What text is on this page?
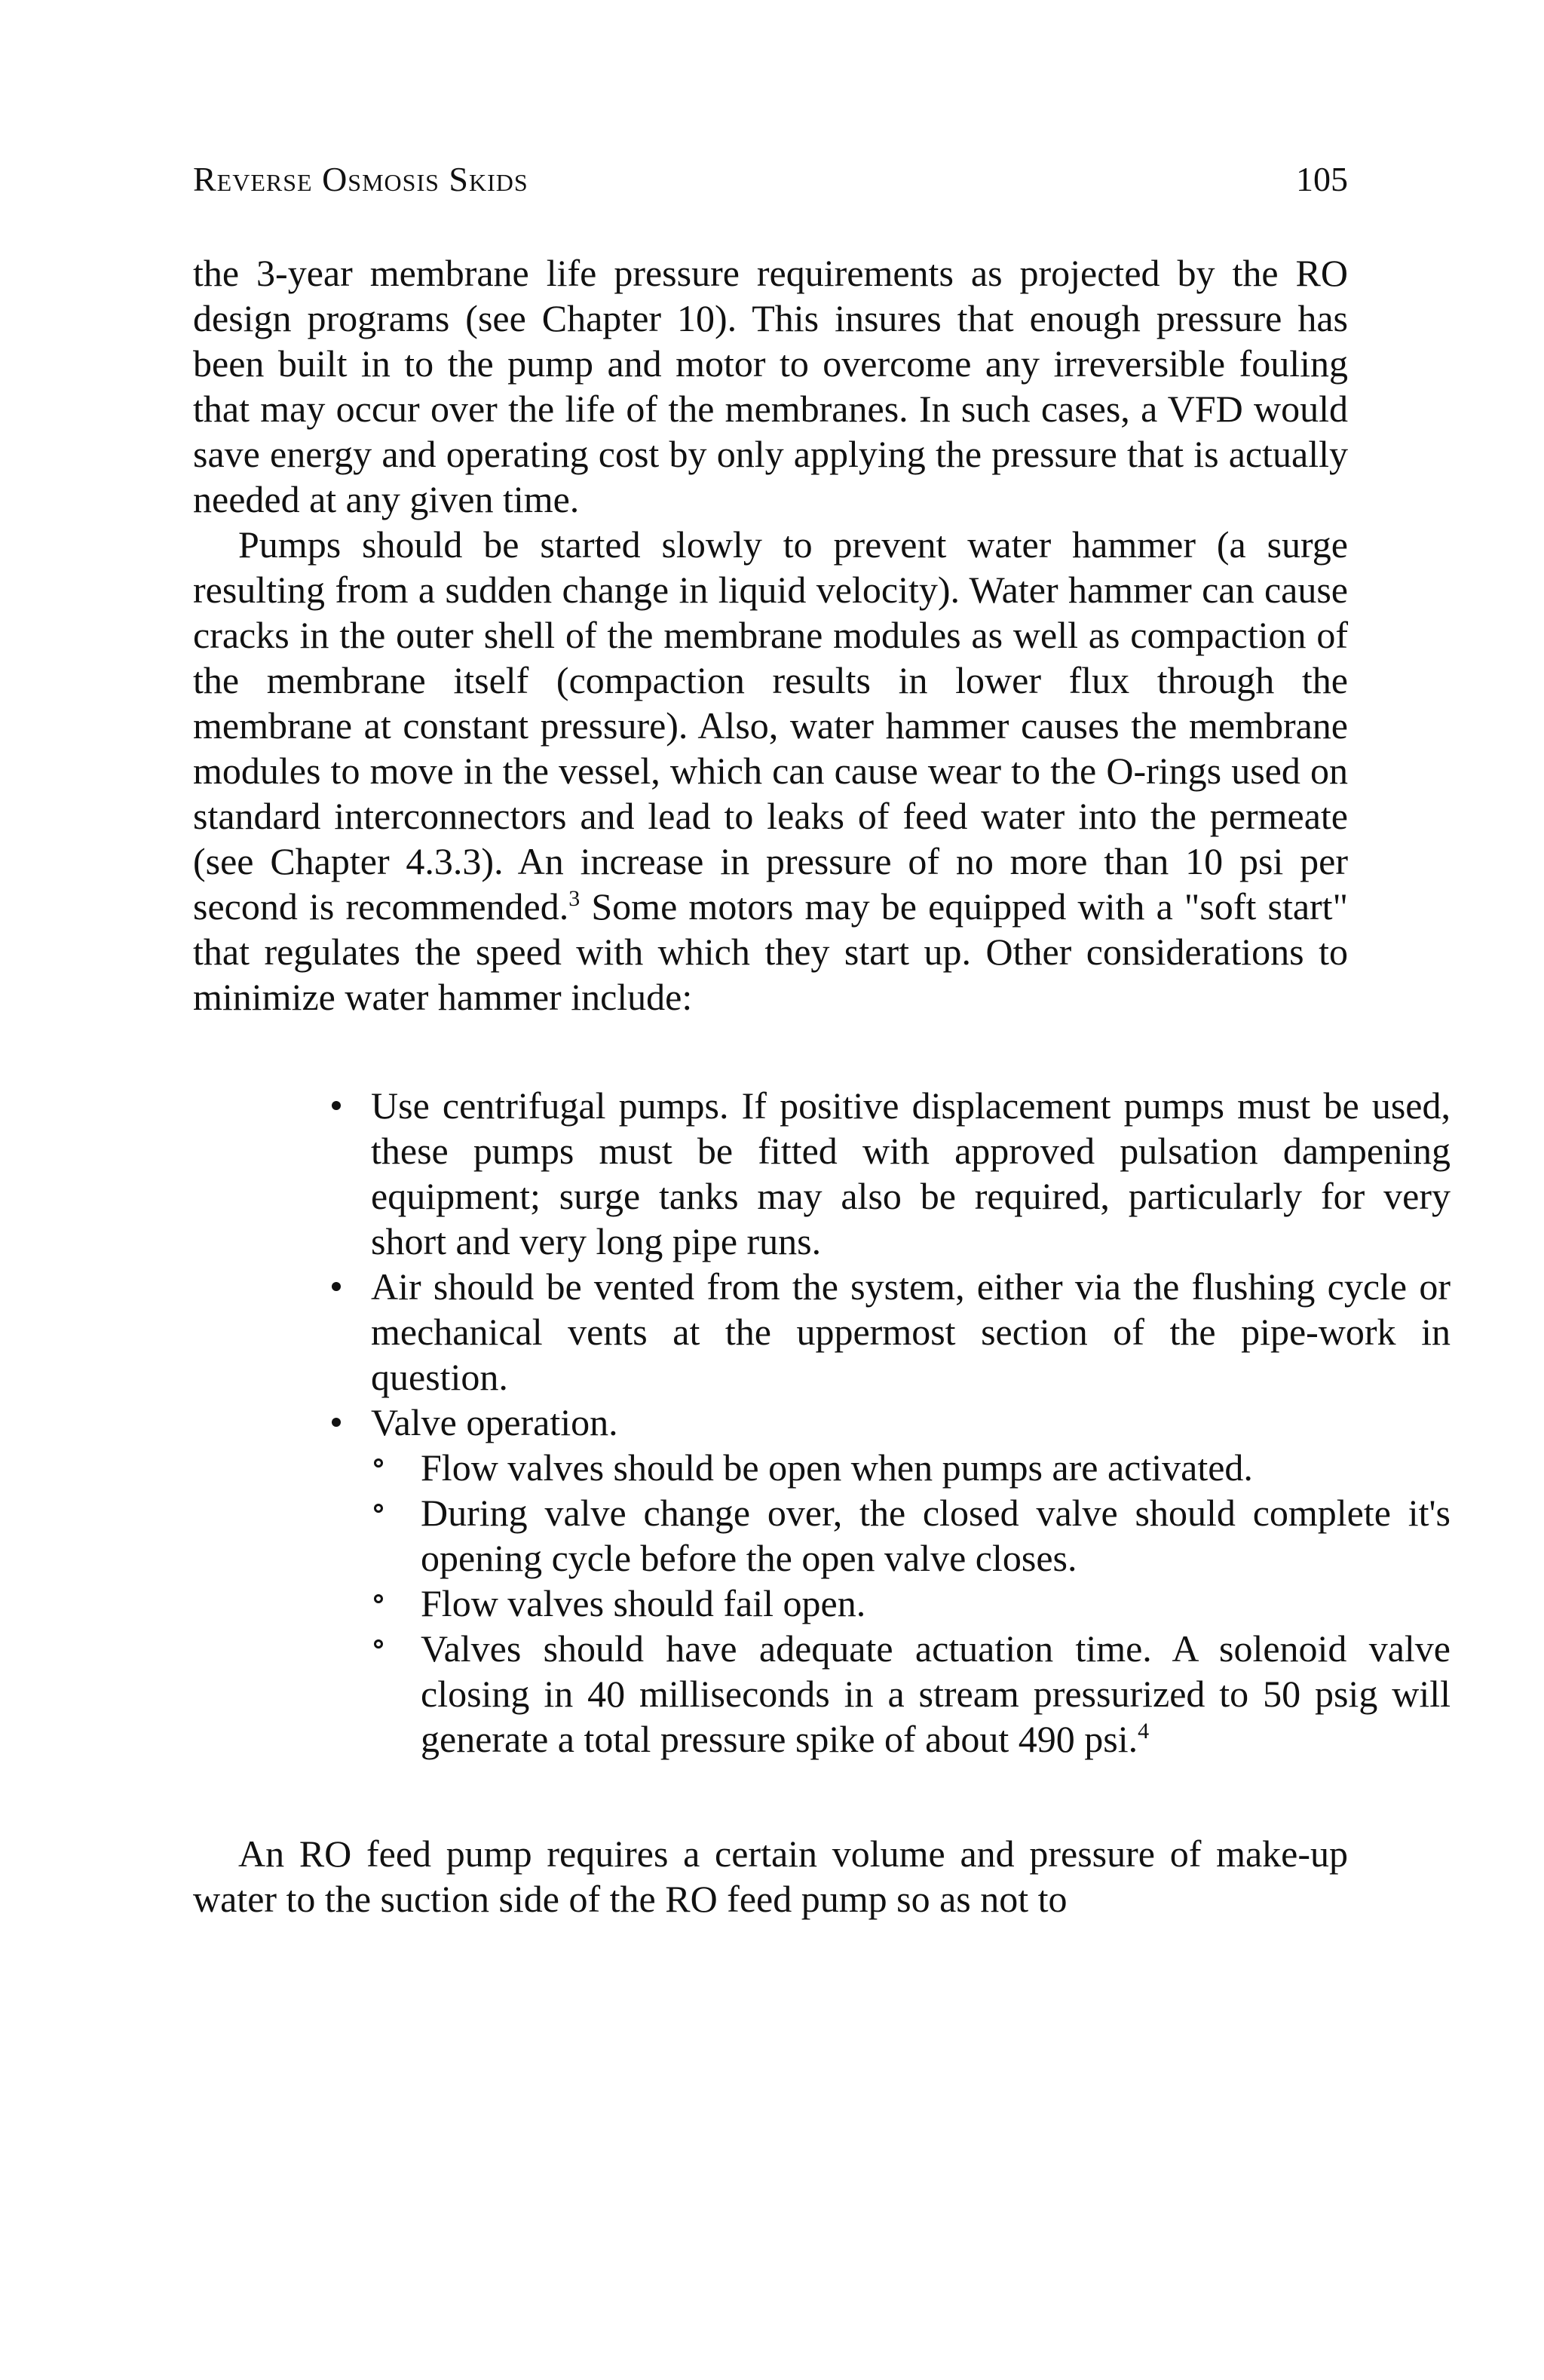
Reverse Osmosis Skids	105

the 3-year membrane life pressure requirements as projected by the RO design programs (see Chapter 10). This insures that enough pressure has been built in to the pump and motor to overcome any irreversible fouling that may occur over the life of the membranes. In such cases, a VFD would save energy and operating cost by only applying the pressure that is actually needed at any given time.

Pumps should be started slowly to prevent water hammer (a surge resulting from a sudden change in liquid velocity). Water hammer can cause cracks in the outer shell of the membrane modules as well as compaction of the membrane itself (compaction results in lower flux through the membrane at constant pressure). Also, water hammer causes the membrane modules to move in the vessel, which can cause wear to the O-rings used on standard interconnectors and lead to leaks of feed water into the permeate (see Chapter 4.3.3). An increase in pressure of no more than 10 psi per second is recommended.$^3$ Some motors may be equipped with a "soft start" that regulates the speed with which they start up. Other considerations to minimize water hammer include:

Use centrifugal pumps. If positive displacement pumps must be used, these pumps must be fitted with approved pulsation dampening equipment; surge tanks may also be required, particularly for very short and very long pipe runs.
Air should be vented from the system, either via the flushing cycle or mechanical vents at the uppermost section of the pipe-work in question.
Valve operation.
Flow valves should be open when pumps are activated.
During valve change over, the closed valve should complete it's opening cycle before the open valve closes.
Flow valves should fail open.
Valves should have adequate actuation time. A solenoid valve closing in 40 milliseconds in a stream pressurized to 50 psig will generate a total pressure spike of about 490 psi.$^4$

An RO feed pump requires a certain volume and pressure of make-up water to the suction side of the RO feed pump so as not to
